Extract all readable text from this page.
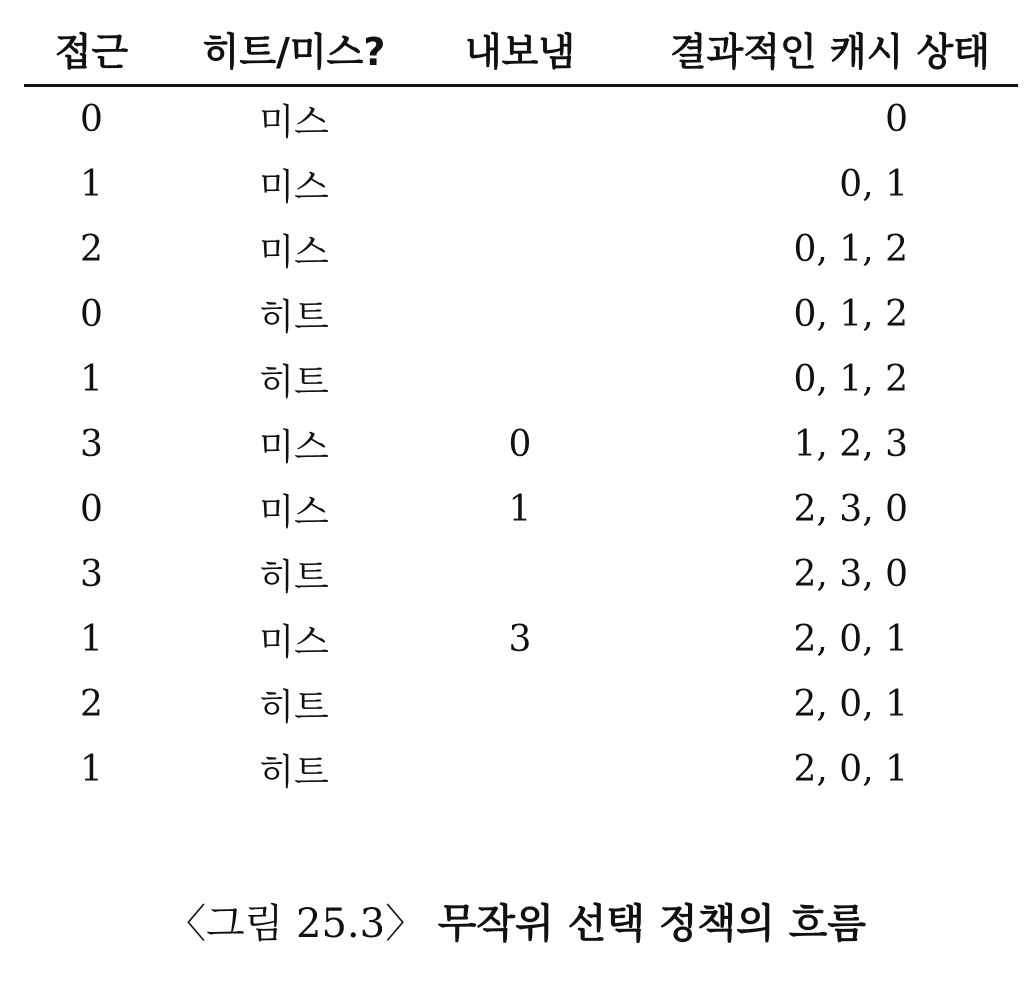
접근	히트/미스?	내보냄	결과적인 캐시 상태
0	미스		0
1	미스		0, 1
2	미스		0, 1, 2
0	히트		0, 1, 2
1	히트		0, 1, 2
3	미스	0	1, 2, 3
0	미스	1	2, 3, 0
3	히트		2, 3, 0
1	미스	3	2, 0, 1
2	히트		2, 0, 1
1	히트		2, 0, 1
〈그림 25.3〉 무작위 선택 정책의 흐름
